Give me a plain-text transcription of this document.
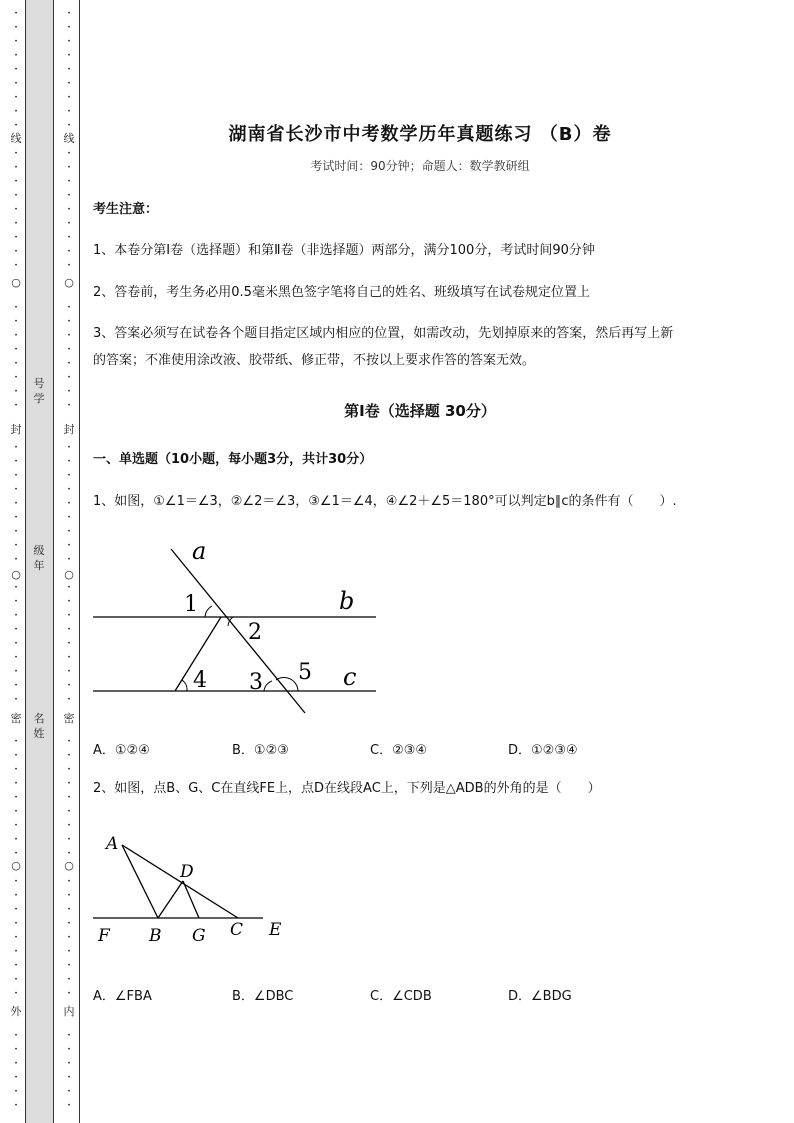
•
•
•
•
•
•
•
•
•
•
•
•
•
•
•
•
•
•
•
•
•
•
•
•
•
•
•
•
•
•
•
•
•
•
•
•
•
•
•
•
•
•
•
•
•
•
•
•
•
•
•
•
•
•
•
•
•
•
•
•
•
•
•
•
•
•
•
•
线
○
封
○
密
○
外
•
•
•
•
•
•
•
•
•
•
•
•
•
•
•
•
•
•
•
•
•
•
•
•
•
•
•
•
•
•
•
•
•
•
•
•
•
•
•
•
•
•
•
•
•
•
•
•
•
•
•
•
•
•
•
•
•
•
•
•
•
•
•
•
•
•
•
•
线
○
封
○
密
○
内
号
学
级
年
名
姓
湖南省长沙市中考数学历年真题练习 （B）卷
考试时间：90分钟；命题人：数学教研组
考生注意：
1、本卷分第I卷（选择题）和第Ⅱ卷（非选择题）两部分，满分100分，考试时间90分钟
2、答卷前，考生务必用0.5毫米黑色签字笔将自己的姓名、班级填写在试卷规定位置上
3、答案必须写在试卷各个题目指定区域内相应的位置，如需改动，先划掉原来的答案，然后再写上新
的答案；不准使用涂改液、胶带纸、修正带，不按以上要求作答的答案无效。
第I卷（选择题 30分）
一、单选题（10小题，每小题3分，共计30分）
1、如图，①∠1＝∠3，②∠2＝∠3，③∠1＝∠4，④∠2＋∠5＝180°可以判定b∥c的条件有（　　）.
a
b
c
1
2
3
4	5
A．①②④	B．①②③	C．②③④	D．①②③④
2、如图，点B、G、C在直线FE上，点D在线段AC上，下列是△ADB的外角的是（　　）
A
D
F B G C E
A．∠FBA	B．∠DBC	C．∠CDB	D．∠BDG
